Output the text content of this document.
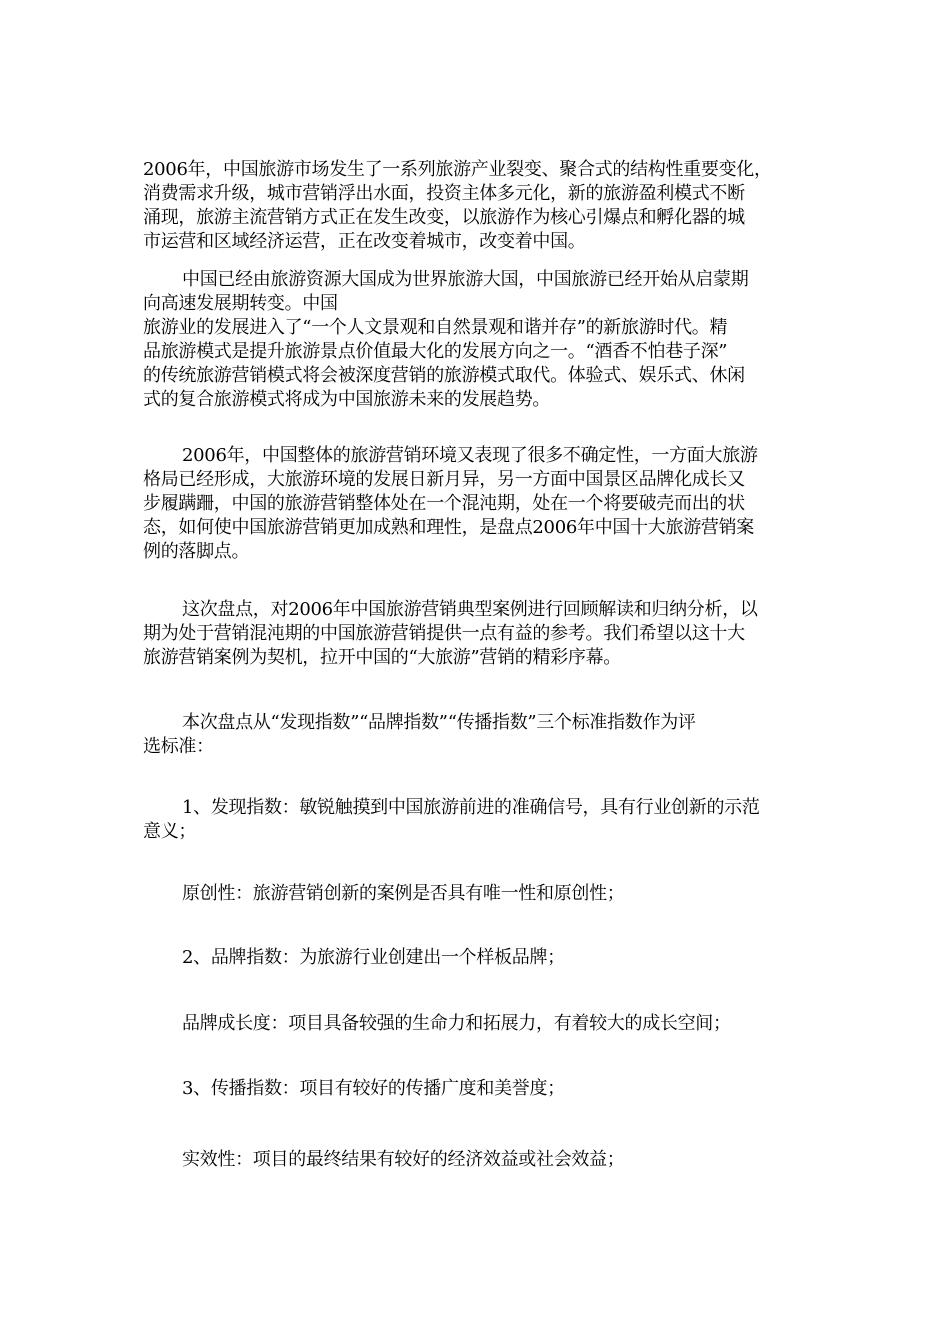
2006年，中国旅游市场发生了一系列旅游产业裂变、聚合式的结构性重要变化，
消费需求升级，城市营销浮出水面，投资主体多元化，新的旅游盈利模式不断
涌现，旅游主流营销方式正在发生改变，以旅游作为核心引爆点和孵化器的城
市运营和区域经济运营，正在改变着城市，改变着中国。
中国已经由旅游资源大国成为世界旅游大国，中国旅游已经开始从启蒙期
向高速发展期转变。中国
旅游业的发展进入了“一个人文景观和自然景观和谐并存”的新旅游时代。精
品旅游模式是提升旅游景点价值最大化的发展方向之一。“酒香不怕巷子深”
的传统旅游营销模式将会被深度营销的旅游模式取代。体验式、娱乐式、休闲
式的复合旅游模式将成为中国旅游未来的发展趋势。
2006年，中国整体的旅游营销环境又表现了很多不确定性，一方面大旅游
格局已经形成，大旅游环境的发展日新月异，另一方面中国景区品牌化成长又
步履蹒跚，中国的旅游营销整体处在一个混沌期，处在一个将要破壳而出的状
态，如何使中国旅游营销更加成熟和理性，是盘点2006年中国十大旅游营销案
例的落脚点。
这次盘点，对2006年中国旅游营销典型案例进行回顾解读和归纳分析，以
期为处于营销混沌期的中国旅游营销提供一点有益的参考。我们希望以这十大
旅游营销案例为契机，拉开中国的“大旅游”营销的精彩序幕。
本次盘点从“发现指数”“品牌指数”“传播指数”三个标准指数作为评
选标准：
1、发现指数：敏锐触摸到中国旅游前进的准确信号，具有行业创新的示范
意义；
原创性：旅游营销创新的案例是否具有唯一性和原创性；
2、品牌指数：为旅游行业创建出一个样板品牌；
品牌成长度：项目具备较强的生命力和拓展力，有着较大的成长空间；
3、传播指数：项目有较好的传播广度和美誉度；
实效性：项目的最终结果有较好的经济效益或社会效益；
